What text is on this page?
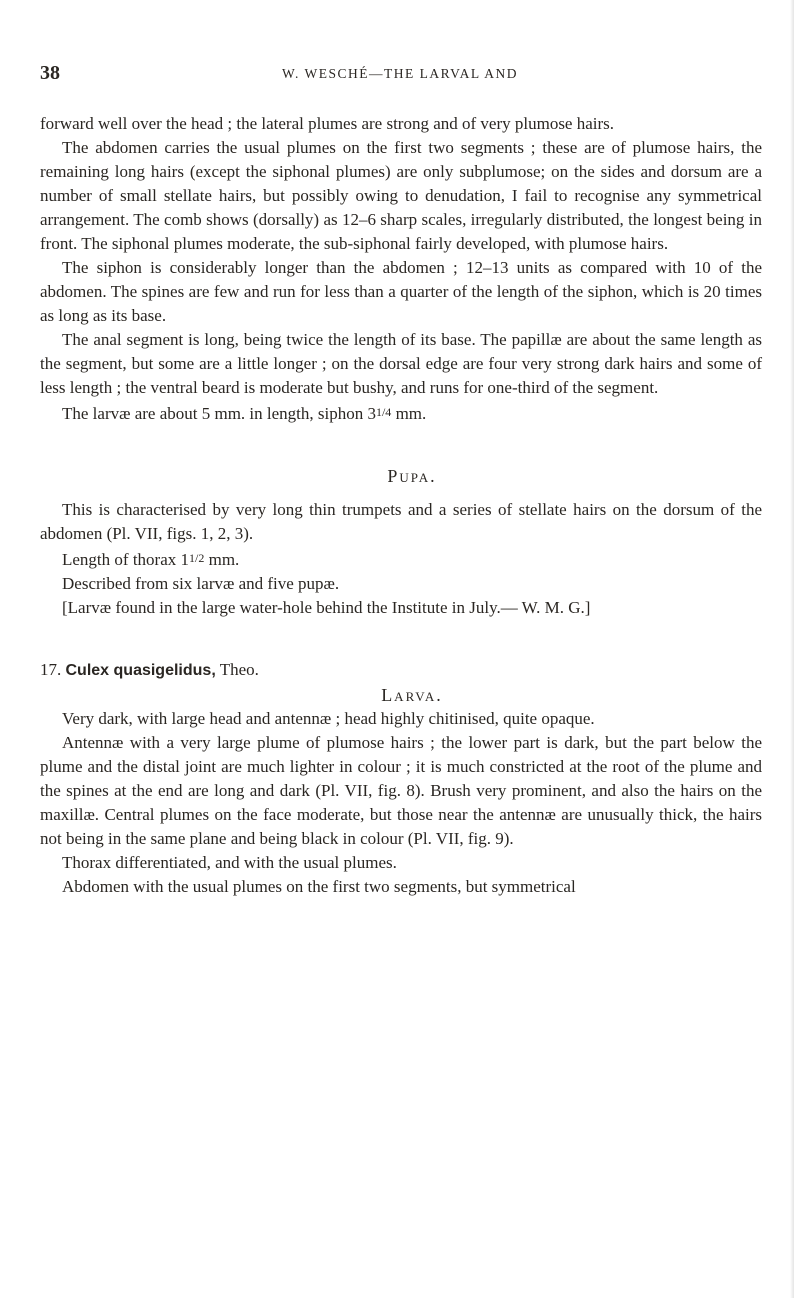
38	W. WESCHÉ—THE LARVAL AND

forward well over the head ; the lateral plumes are strong and of very plumose hairs.

The abdomen carries the usual plumes on the first two segments ; these are of plumose hairs, the remaining long hairs (except the siphonal plumes) are only subplumose; on the sides and dorsum are a number of small stellate hairs, but possibly owing to denudation, I fail to recognise any symmetrical arrangement. The comb shows (dorsally) as 12–6 sharp scales, irregularly distributed, the longest being in front. The siphonal plumes moderate, the sub-siphonal fairly developed, with plumose hairs.

The siphon is considerably longer than the abdomen ; 12–13 units as compared with 10 of the abdomen. The spines are few and run for less than a quarter of the length of the siphon, which is 20 times as long as its base.

The anal segment is long, being twice the length of its base. The papillæ are about the same length as the segment, but some are a little longer ; on the dorsal edge are four very strong dark hairs and some of less length ; the ventral beard is moderate but bushy, and runs for one-third of the segment.

The larvæ are about 5 mm. in length, siphon 31/4 mm.

Pupa.

This is characterised by very long thin trumpets and a series of stellate hairs on the dorsum of the abdomen (Pl. VII, figs. 1, 2, 3).

Length of thorax 11/2 mm.

Described from six larvæ and five pupæ.

[Larvæ found in the large water-hole behind the Institute in July.— W. M. G.]

17. Culex quasigelidus, Theo.

Larva.

Very dark, with large head and antennæ ; head highly chitinised, quite opaque.

Antennæ with a very large plume of plumose hairs ; the lower part is dark, but the part below the plume and the distal joint are much lighter in colour ; it is much constricted at the root of the plume and the spines at the end are long and dark (Pl. VII, fig. 8). Brush very prominent, and also the hairs on the maxillæ. Central plumes on the face moderate, but those near the antennæ are unusually thick, the hairs not being in the same plane and being black in colour (Pl. VII, fig. 9).

Thorax differentiated, and with the usual plumes.

Abdomen with the usual plumes on the first two segments, but symmetrical
